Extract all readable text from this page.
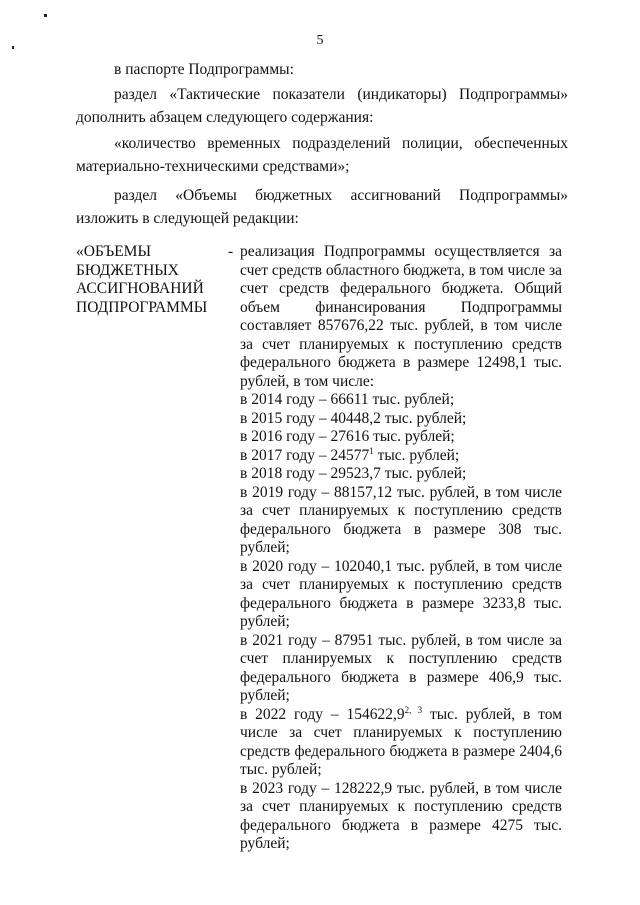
5
в паспорте Подпрограммы:
раздел «Тактические показатели (индикаторы) Подпрограммы» дополнить абзацем следующего содержания:
«количество временных подразделений полиции, обеспеченных материально-техническими средствами»;
раздел «Объемы бюджетных ассигнований Подпрограммы» изложить в следующей редакции:
«ОБЪЕМЫ БЮДЖЕТНЫХ АССИГНОВАНИЙ ПОДПРОГРАММЫ
- реализация Подпрограммы осуществляется за счет средств областного бюджета, в том числе за счет средств федерального бюджета. Общий объем финансирования Подпрограммы составляет 857676,22 тыс. рублей, в том числе за счет планируемых к поступлению средств федерального бюджета в размере 12498,1 тыс. рублей, в том числе:
в 2014 году – 66611 тыс. рублей;
в 2015 году – 40448,2 тыс. рублей;
в 2016 году – 27616 тыс. рублей;
в 2017 году – 24577$^1$ тыс. рублей;
в 2018 году – 29523,7 тыс. рублей;
в 2019 году – 88157,12 тыс. рублей, в том числе за счет планируемых к поступлению средств федерального бюджета в размере 308 тыс. рублей;
в 2020 году – 102040,1 тыс. рублей, в том числе за счет планируемых к поступлению средств федерального бюджета в размере 3233,8 тыс. рублей;
в 2021 году – 87951 тыс. рублей, в том числе за счет планируемых к поступлению средств федерального бюджета в размере 406,9 тыс. рублей;
в 2022 году – 154622,9$^{2, 3}$ тыс. рублей, в том числе за счет планируемых к поступлению средств федерального бюджета в размере 2404,6 тыс. рублей;
в 2023 году – 128222,9 тыс. рублей, в том числе за счет планируемых к поступлению средств федерального бюджета в размере 4275 тыс. рублей;
